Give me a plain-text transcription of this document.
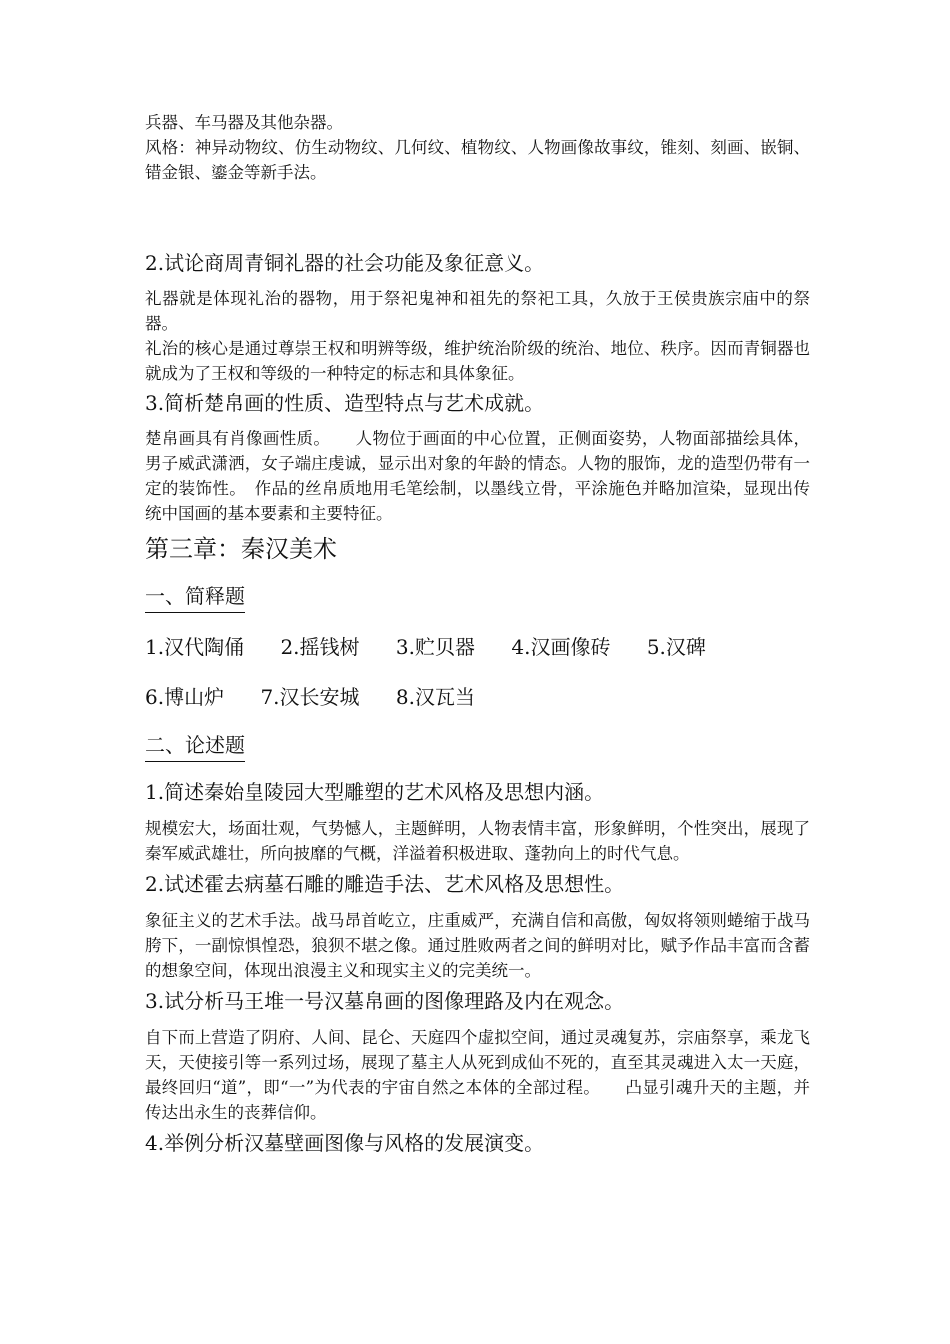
兵器、车马器及其他杂器。

风格：神异动物纹、仿生动物纹、几何纹、植物纹、人物画像故事纹，锥刻、刻画、嵌铜、错金银、鎏金等新手法。

2.试论商周青铜礼器的社会功能及象征意义。

礼器就是体现礼治的器物，用于祭祀鬼神和祖先的祭祀工具，久放于王侯贵族宗庙中的祭器。

礼治的核心是通过尊崇王权和明辨等级，维护统治阶级的统治、地位、秩序。因而青铜器也就成为了王权和等级的一种特定的标志和具体象征。

3.简析楚帛画的性质、造型特点与艺术成就。

楚帛画具有肖像画性质。　　人物位于画面的中心位置，正侧面姿势，人物面部描绘具体，男子威武潇洒，女子端庄虔诚，显示出对象的年龄的情态。人物的服饰，龙的造型仍带有一定的装饰性。　作品的丝帛质地用毛笔绘制，以墨线立骨，平涂施色并略加渲染，显现出传统中国画的基本要素和主要特征。

第三章：秦汉美术

一、简释题

1.汉代陶俑 2.摇钱树 3.贮贝器 4.汉画像砖 5.汉碑

6.博山炉 7.汉长安城 8.汉瓦当

二、论述题

1.简述秦始皇陵园大型雕塑的艺术风格及思想内涵。

规模宏大，场面壮观，气势憾人，主题鲜明，人物表情丰富，形象鲜明，个性突出，展现了秦军威武雄壮，所向披靡的气概，洋溢着积极进取、蓬勃向上的时代气息。

2.试述霍去病墓石雕的雕造手法、艺术风格及思想性。

象征主义的艺术手法。战马昂首屹立，庄重威严，充满自信和高傲，匈奴将领则蜷缩于战马胯下，一副惊惧惶恐，狼狈不堪之像。通过胜败两者之间的鲜明对比，赋予作品丰富而含蓄的想象空间，体现出浪漫主义和现实主义的完美统一。

3.试分析马王堆一号汉墓帛画的图像理路及内在观念。

自下而上营造了阴府、人间、昆仑、天庭四个虚拟空间，通过灵魂复苏，宗庙祭享，乘龙飞天，天使接引等一系列过场，展现了墓主人从死到成仙不死的，直至其灵魂进入太一天庭，最终回归“道”，即“一”为代表的宇宙自然之本体的全部过程。　　凸显引魂升天的主题，并传达出永生的丧葬信仰。

4.举例分析汉墓壁画图像与风格的发展演变。
